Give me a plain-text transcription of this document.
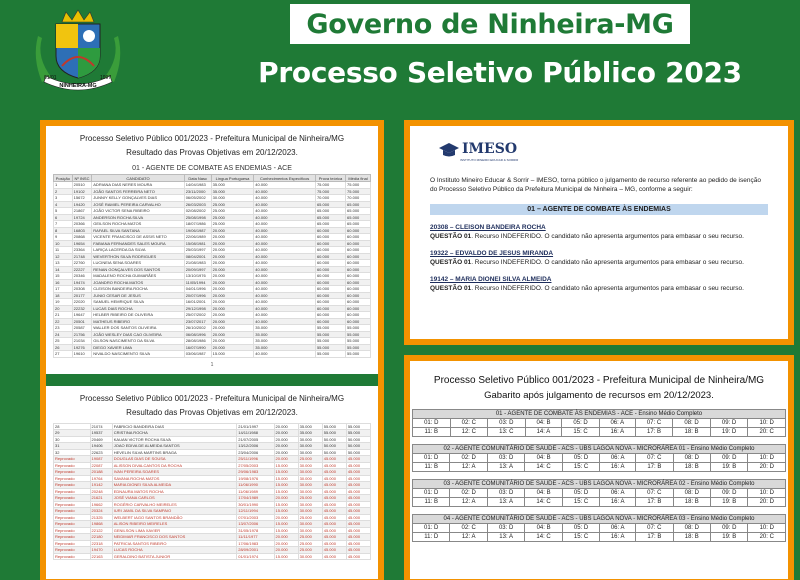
01/01	1997
NINHEIRA-MG
Governo de Ninheira-MG
Processo Seletivo Público 2023
Processo Seletivo Público 001/2023 - Prefeitura Municipal de Ninheira/MG
Resultado das Provas Objetivas em 20/12/2023.
01 - AGENTE DE COMBATE AS ENDEMIAS - ACE
Posição	Nº INSC	CANDIDATO	Data Nasc	Língua Portuguesa	Conhecimentos Específicos	Prova teórica	Média final
1	20510	ADRIANA DIAS NERES MOURA	14/04/1983	35.000	40.000	75.000	75.000
2	19102	JOÃO SANTOS FERREIRA NETO	23/11/2000	35.000	40.000	75.000	75.000
3	15672	JUNNIY KELLY GONÇALVES DIAS	06/05/2002	30.000	40.000	70.000	70.000
4	19420	JOSÉ RAMIEL PEREIRA CARVALHO	26/03/2003	25.000	40.000	65.000	65.000
5	21867	JOÃO VICTOR SENA RIBEIRO	02/08/2002	25.000	40.000	65.000	65.000
6	19724	ANDERSON ROCHA SILVA	25/08/1998	25.000	40.000	65.000	65.000
7	20366	GEILSON ROCHA MATOS	18/07/1986	25.000	40.000	65.000	65.000
8	16803	RAFAEL SILVA SANTANA	19/06/1987	20.000	40.000	60.000	60.000
9	20868	VICENTE FRANCISCO DE ASSIS NETO	22/06/1989	20.000	40.000	60.000	60.000
10	19654	FABIANA FERNANDES SALES MOURA	15/08/1981	20.000	40.000	60.000	60.000
11	23364	LARIÇA LACERDA DA SILVA	25/03/1997	20.000	40.000	60.000	60.000
12	21748	WEVERTHON SILVA RODRIGUES	08/04/2001	20.000	40.000	60.000	60.000
13	22760	LUCINEIA SENA SOARES	21/08/1983	20.000	40.000	60.000	60.000
14	22227	RENAN GONÇALVES DOS SANTOS	20/09/1997	20.000	40.000	60.000	60.000
15	20346	MADALENO ROCHA GUIMARÃES	13/10/1976	20.000	40.000	60.000	60.000
16	19474	JOANDRO ROCHA MATOS	11/05/1994	20.000	40.000	60.000	60.000
17	20308	CLEISON BANDEIRA ROCHA	04/01/1996	20.000	40.000	60.000	60.000
18	20177	JUNIO CESAR DE JESUS	20/07/1996	20.000	40.000	60.000	60.000
19	22020	SAMUEL HEMRIQUE SILVA	16/01/2001	20.000	40.000	60.000	60.000
20	22232	LUCAS DIAS ROCHA	29/12/1998	20.000	40.000	60.000	60.000
21	19647	HELBER RIBEIRO DE OLIVEIRA	25/07/2002	20.000	40.000	60.000	60.000
22	20501	MATHEUS RIBEIRO	23/07/2017	20.000	40.000	60.000	60.000
23	20587	WALLER DOS SANTOS OLIVEIRA	26/10/2002	20.000	35.000	55.000	55.000
24	21756	JOÃO WESLEY DIAS CAO OLIVEIRA	06/08/1996	20.000	35.000	55.000	55.000
25	21034	GILSON NASCIMENTO DA SILVA	28/08/1986	20.000	35.000	55.000	55.000
26	19276	DIEGO XAVIER LIMA	16/07/1990	20.000	35.000	55.000	55.000
27	19610	NIVALDO NASCIMENTO SILVA	03/06/1987	15.000	40.000	55.000	55.000
1
Processo Seletivo Público 001/2023 - Prefeitura Municipal de Ninheira/MG
Resultado das Provas Objetivas em 20/12/2023.
28	21074	FABRICIO BANDEIRA DIAS	21/01/1997	20.000	35.000	55.000	55.000
29	19537	CRISTINA ROCHA	14/11/1988	20.000	35.000	55.000	55.000
30	20469	KAUAN VICTOR ROCHA SILVA	21/07/2005	20.000	30.000	50.000	50.000
31	19406	JOAO EDIVA DE ALMEIDA SANTOS	13/12/2006	20.000	30.000	50.000	50.000
32	22623	HEVELIN SILVA MARTINS BRAGA	23/04/2006	20.000	30.000	50.000	50.000
Reprovado	19087	DOUGLAS DIAS DE SOUSA	25/11/1996	20.000	25.000	45.000	45.000
Reprovado	22087	ALISSON DIVALCANTOS DA ROCHA	27/05/2003	15.000	30.000	45.000	45.000
Reprovado	20188	IVAN PEREIRA SOARES	29/06/1983	15.000	30.000	45.000	45.000
Reprovado	19764	SAVANA ROCHA MATOS	19/08/1976	15.000	30.000	45.000	45.000
Reprovado	19142	MARIA DIONEI SILVA ALMEIDA	11/06/1990	15.000	30.000	45.000	45.000
Reprovado	20248	EDNAURA MATOS ROCHA	11/06/1989	15.000	30.000	45.000	45.000
Reprovado	21621	JOSÉ VIANA CARLOS	17/04/1989	20.000	25.000	45.000	45.000
Reprovado	19662	ROGÉRIO CARVALHO MEIRELES	30/01/1990	15.000	30.000	45.000	45.000
Reprovado	20324	IURI JAMIL DA SILVA SAMPAIO	12/11/1994	15.000	30.000	45.000	45.000
Reprovado	21325	WELBERT IAGO SANTOS BRANDÃO	07/01/2003	20.000	25.000	45.000	45.000
Reprovado	19868	ALISON RIBEIRO MEIRELES	13/07/2006	15.000	30.000	45.000	45.000
Reprovado	22122	GENILSON LIMA XAVIER	31/05/1978	15.000	30.000	45.000	45.000
Reprovado	22180	NEIDIMAR FRANCISCO DOS SANTOS	11/11/1977	20.000	25.000	45.000	45.000
Reprovado	22318	PATRICIA SANTOS RIBEIRO	17/06/1983	20.000	25.000	45.000	45.000
Reprovado	19470	LUCAS ROCHA	28/09/2001	20.000	25.000	45.000	45.000
Reprovado	22163	GERALDINO BATISTA JUNIOR	01/01/1974	15.000	30.000	45.000	45.000
IMESO
INSTITUTO MINEIRO EDUCAR & SORRIR
O Instituto Mineiro Educar & Sorrir – IMESO, torna público o julgamento de recurso referente ao pedido de isenção do Processo Seletivo Público da Prefeitura Municipal de Ninheira – MG, conforme a seguir:
01 – AGENTE DE COMBATE ÀS ENDEMIAS
20308 – CLEISON BANDEIRA ROCHA
QUESTÃO 01. Recurso INDEFERIDO. O candidato não apresenta argumentos para embasar o seu recurso.
19322 – EDVALDO DE JESUS MIRANDA
QUESTÃO 01. Recurso INDEFERIDO. O candidato não apresenta argumentos para embasar o seu recurso.
19142 – MARIA DIONEI SILVA ALMEIDA
QUESTÃO 01. Recurso INDEFERIDO. O candidato não apresenta argumentos para embasar o seu recurso.
Processo Seletivo Público 001/2023 - Prefeitura Municipal de Ninheira/MG
Gabarito após julgamento de recursos em 20/12/2023.
01 - AGENTE DE COMBATE ÀS ENDEMIAS - ACE - Ensino Médio Completo									
01: D	02: C	03: D	04: B	05: D	06: A	07: C	08: D	09: D	10: D
11: B	12: C	13: C	14: A	15: C	16: A	17: B	18: B	19: D	20: C
02 - AGENTE COMUNITÁRIO DE SAUDE - ACS - UBS LAGOA NOVA - MICRORÁREA 01 - Ensino Médio Completo									
01: D	02: D	03: D	04: B	05: D	06: A	07: C	08: D	09: D	10: D
11: B	12: A	13: A	14: C	15: C	16: A	17: B	18: B	19: B	20: D
03 - AGENTE COMUNITÁRIO DE SAUDE - ACS - UBS LAGOA NOVA - MICRORÁREA 02 - Ensino Médio Completo									
01: D	02: D	03: D	04: B	05: D	06: A	07: C	08: D	09: D	10: D
11: B	12: A	13: A	14: C	15: C	16: A	17: B	18: B	19: B	20: D
04 - AGENTE COMUNITÁRIO DE SAUDE - ACS - UBS LAGOA NOVA - MICRORÁREA 03 - Ensino Médio Completo									
01: D	02: C	03: D	04: B	05: D	06: A	07: C	08: D	09: D	10: D
11: D	12: A	13: A	14: C	15: C	16: A	17: B	18: B	19: B	20: C
